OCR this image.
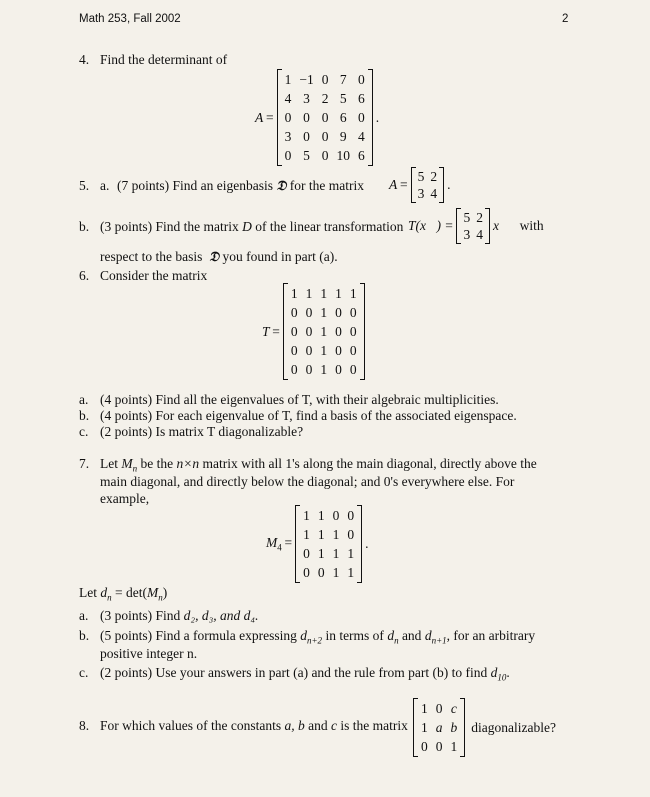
Math 253, Fall 2002	2
4. Find the determinant of
A =
1	−1	0	7	0
4	3	2	5	6
0	0	0	6	0
3	0	0	9	4
0	5	0	10	6
.
5. a. (7 points) Find an eigenbasis 𝔇 for the matrix A =
5	2
3	4
.
b. (3 points) Find the matrix D of the linear transformation T(x⃗) =
5	2
3	4
x⃗ with
respect to the basis 𝔇 you found in part (a).
6. Consider the matrix
T =
1	1	1	1	1
0	0	1	0	0
0	0	1	0	0
0	0	1	0	0
0	0	1	0	0
a. (4 points) Find all the eigenvalues of T, with their algebraic multiplicities.
b. (4 points) For each eigenvalue of T, find a basis of the associated eigenspace.
c. (2 points) Is matrix T diagonalizable?
7. Let $M_n$ be the n×n matrix with all 1's along the main diagonal, directly above the
main diagonal, and directly below the diagonal; and 0's everywhere else. For
example,
$M_4$ =
1	1	0	0
1	1	1	0
0	1	1	1
0	0	1	1
.
Let $d_n = \det(M_n)$
a. (3 points) Find d₂, d₃, and d₄.
b. (5 points) Find a formula expressing $d_{n+2}$ in terms of $d_n$ and $d_{n+1}$, for an arbitrary
positive integer n.
c. (2 points) Use your answers in part (a) and the rule from part (b) to find $d_{10}$.
8. For which values of the constants a, b and c is the matrix
1	0	c
1	a	b
0	0	1
diagonalizable?
